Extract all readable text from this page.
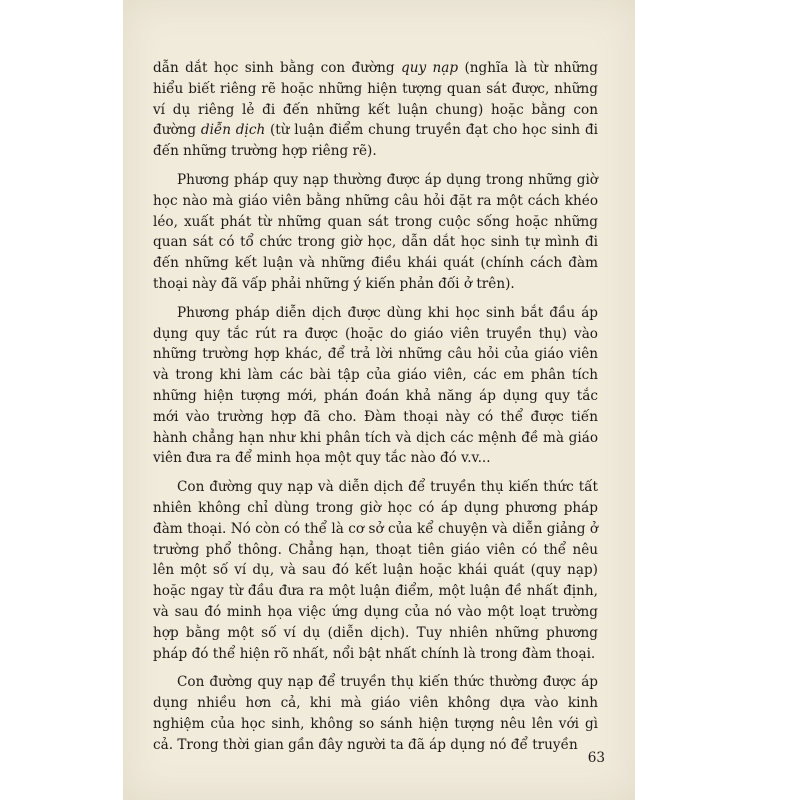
dẫn dắt học sinh bằng con đường quy nạp (nghĩa là từ những hiểu biết riêng rẽ hoặc những hiện tượng quan sát được, những ví dụ riêng lẻ đi đến những kết luận chung) hoặc bằng con đường diễn dịch (từ luận điểm chung truyền đạt cho học sinh đi đến những trường hợp riêng rẽ).

Phương pháp quy nạp thường được áp dụng trong những giờ học nào mà giáo viên bằng những câu hỏi đặt ra một cách khéo léo, xuất phát từ những quan sát trong cuộc sống hoặc những quan sát có tổ chức trong giờ học, dẫn dắt học sinh tự mình đi đến những kết luận và những điều khái quát (chính cách đàm thoại này đã vấp phải những ý kiến phản đối ở trên).

Phương pháp diễn dịch được dùng khi học sinh bắt đầu áp dụng quy tắc rút ra được (hoặc do giáo viên truyền thụ) vào những trường hợp khác, để trả lời những câu hỏi của giáo viên và trong khi làm các bài tập của giáo viên, các em phân tích những hiện tượng mới, phán đoán khả năng áp dụng quy tắc mới vào trường hợp đã cho. Đàm thoại này có thể được tiến hành chẳng hạn như khi phân tích và dịch các mệnh đề mà giáo viên đưa ra để minh họa một quy tắc nào đó v.v...

Con đường quy nạp và diễn dịch để truyền thụ kiến thức tất nhiên không chỉ dùng trong giờ học có áp dụng phương pháp đàm thoại. Nó còn có thể là cơ sở của kể chuyện và diễn giảng ở trường phổ thông. Chẳng hạn, thoạt tiên giáo viên có thể nêu lên một số ví dụ, và sau đó kết luận hoặc khái quát (quy nạp) hoặc ngay từ đầu đưa ra một luận điểm, một luận đề nhất định, và sau đó minh họa việc ứng dụng của nó vào một loạt trường hợp bằng một số ví dụ (diễn dịch). Tuy nhiên những phương pháp đó thể hiện rõ nhất, nổi bật nhất chính là trong đàm thoại.

Con đường quy nạp để truyền thụ kiến thức thường được áp dụng nhiều hơn cả, khi mà giáo viên không dựa vào kinh nghiệm của học sinh, không so sánh hiện tượng nêu lên với gì cả. Trong thời gian gần đây người ta đã áp dụng nó để truyền

63
